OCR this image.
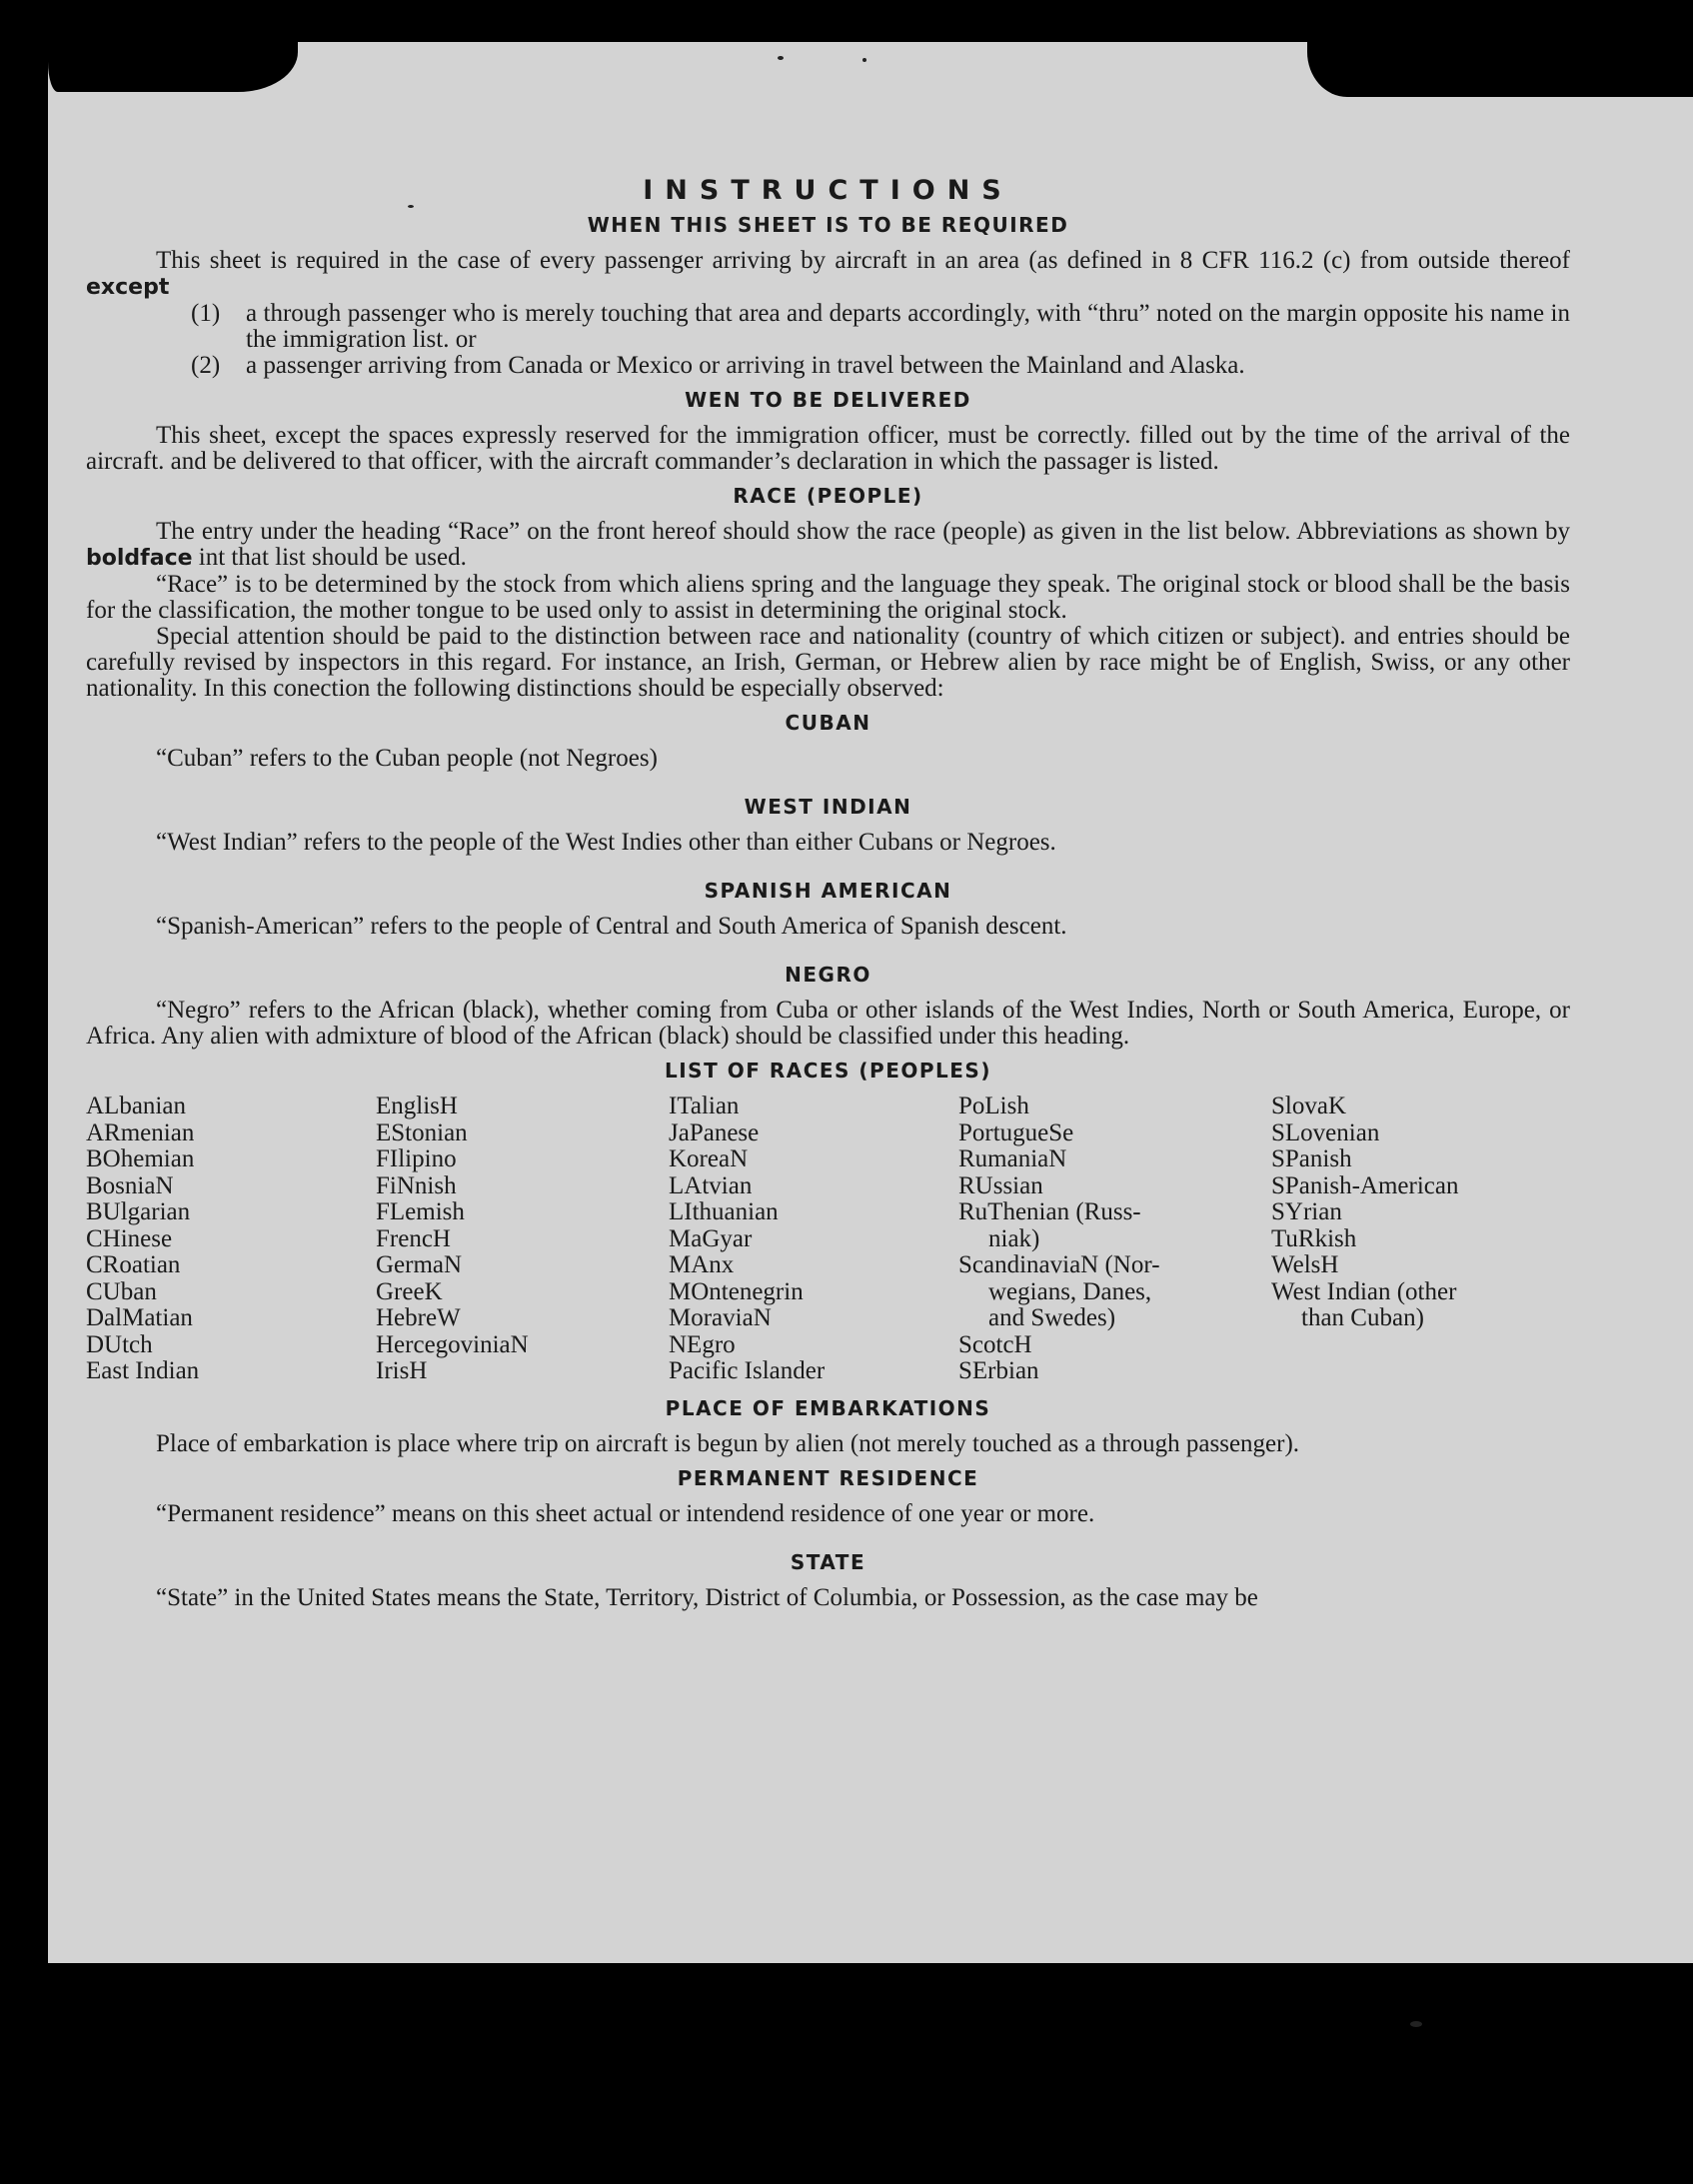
INSTRUCTIONS
WHEN THIS SHEET IS TO BE REQUIRED

This sheet is required in the case of every passenger arriving by aircraft in an area (as defined in 8 CFR 116.2 (c) from outside thereof except

(1)	a through passenger who is merely touching that area and departs accordingly, with “thru” noted on the margin opposite his name in the immigration list. or
(2)	a passenger arriving from Canada or Mexico or arriving in travel between the Mainland and Alaska.
WEN TO BE DELIVERED

This sheet, except the spaces expressly reserved for the immigration officer, must be correctly. filled out by the time of the arrival of the aircraft. and be delivered to that officer, with the aircraft commander’s declaration in which the passager is listed.

RACE (PEOPLE)

The entry under the heading “Race” on the front hereof should show the race (people) as given in the list below. Abbreviations as shown by boldface int that list should be used.

“Race” is to be determined by the stock from which aliens spring and the language they speak. The original stock or blood shall be the basis for the classification, the mother tongue to be used only to assist in determining the original stock.

Special attention should be paid to the distinction between race and nationality (country of which citizen or subject). and entries should be carefully revised by inspectors in this regard. For instance, an Irish, German, or Hebrew alien by race might be of English, Swiss, or any other nationality. In this conection the following distinctions should be especially observed:

CUBAN

“Cuban” refers to the Cuban people (not Negroes)

WEST INDIAN

“West Indian” refers to the people of the West Indies other than either Cubans or Negroes.

SPANISH AMERICAN

“Spanish-American” refers to the people of Central and South America of Spanish descent.

NEGRO

“Negro” refers to the African (black), whether coming from Cuba or other islands of the West Indies, North or South America, Europe, or Africa. Any alien with admixture of blood of the African (black) should be classified under this heading.

LIST OF RACES (PEOPLES)
ALbanian
ARmenian
BOhemian
BosniaN
BUlgarian
CHinese
CRoatian
CUban
DalMatian
DUtch
East Indian
EnglisH
EStonian
FIlipino
FiNnish
FLemish
FrencH
GermaN
GreeK
HebreW
HercegovinіaN
IrisH
ITalian
JaPanese
KoreaN
LAtvian
LIthuanian
MaGyar
MAnx
MOntenegrin
MoraviaN
NEgro
Pacific Islander
PoLish
PortugueSe
RumaniaN
RUssian
RuThenian (Russ-
niak)
ScandinaviaN (Nor-
wegians, Danes,
and Swedes)
ScotcH
SErbian
SlovaK
SLovenian
SPanish
SPanish-American
SYrian
TuRkish
WelsH
West Indian (other
than Cuban)
PLACE OF EMBARKATIONS

Place of embarkation is place where trip on aircraft is begun by alien (not merely touched as a through passenger).

PERMANENT RESIDENCE

“Permanent residence” means on this sheet actual or intendend residence of one year or more.

STATE

“State” in the United States means the State, Territory, District of Columbia, or Possession, as the case may be
